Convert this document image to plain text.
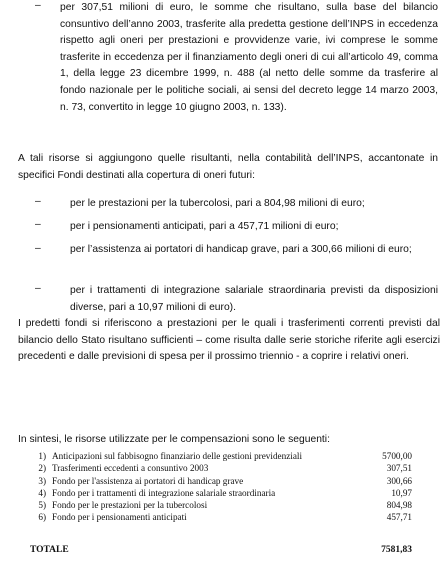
– per 307,51 milioni di euro, le somme che risultano, sulla base del bilancio consuntivo dell’anno 2003, trasferite alla predetta gestione dell’INPS in eccedenza rispetto agli oneri per prestazioni e provvidenze varie, ivi comprese le somme trasferite in eccedenza per il finanziamento degli oneri di cui all’articolo 49, comma 1, della legge 23 dicembre 1999, n. 488 (al netto delle somme da trasferire al fondo nazionale per le politiche sociali, ai sensi del decreto legge 14 marzo 2003, n. 73, convertito in legge 10 giugno 2003, n. 133).

A tali risorse si aggiungono quelle risultanti, nella contabilità dell’INPS, accantonate in specifici Fondi destinati alla copertura di oneri futuri:

–	per le prestazioni per la tubercolosi, pari a 804,98 milioni di euro;

–	per i pensionamenti anticipati, pari a 457,71 milioni di euro;

–	per l’assistenza ai portatori di handicap grave, pari a 300,66 milioni di euro;

–	per i trattamenti di integrazione salariale straordinaria previsti da disposizioni diverse, pari a 10,97 milioni di euro).

I predetti fondi si riferiscono a prestazioni per le quali i trasferimenti correnti previsti dal bilancio dello Stato risultano sufficienti – come risulta dalle serie storiche riferite agli esercizi precedenti e dalle previsioni di spesa per il prossimo triennio - a coprire i relativi oneri.

In sintesi, le risorse utilizzate per le compensazioni sono le seguenti:

1)	Anticipazioni sul fabbisogno finanziario delle gestioni previdenziali	5700,00
2)	Trasferimenti eccedenti a consuntivo 2003	307,51
3)	Fondo per l'assistenza ai portatori di handicap grave	300,66
4)	Fondo per i trattamenti di integrazione salariale straordinaria	10,97
5)	Fondo per le prestazioni per la tubercolosi	804,98
6)	Fondo per i pensionamenti anticipati	457,71
TOTALE	7581,83
